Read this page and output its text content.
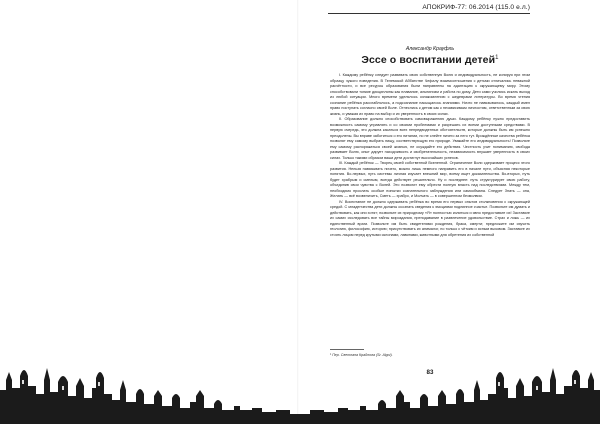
АПОКРИФ-77: 06.2014 (115.0 е.л.)
Александр Крауфль
Эссе о воспитании детей$^1$

I. Каждому ребёнку следует развивать свою собственную Волю и индивидуальность, не копируя при этом образцу чужого поведения. В Телемской Аббатстве Чефалу взаимоотношения с детьми отличались неважной расчётности, и все ресурсы образования были направлены на адаптацию к окружающему миру. Этому способствовали тонкие дисциплины как плавание, альпинизм и работа по дому. Дети сами учились искать выход из любой ситуации. Много времени уделялось ознакомлению с шедеврами литературы. Во время чтения сознание ребёнка расслаблялось, а подсознание насыщалось знаниями. Ничто не навязывалось, каждый имел право поступать согласно своей Воле. Отнеслись к детям как к независимым личностям, ответственным за свою жизнь, и уважая их право на выбор и их уверенность в своих силах.

II. Образование должно способствовать самовыражению души. Каждому ребёнку нужно предоставить возможность самому управлять и со своими проблемами и разрешать их всеми доступными средствами. В первую очередь, это должна касаться всех непредвиденных обстоятельств, которые должны быть им успешно преодолены. Вы вправе заботиться о его питании, но не слейте ничего за него тут. Врождённые качества ребёнка позволят ему самому выбрать пищу, соответствующую его природе. Уважайте его индивидуальность! Позвольте ему самому распоряжаться своей жизнью, не осуждайте его действия. Честность учит пониманию, свобода развивает Волю, опыт дарует находчивость и изобретательность, независимость внушает уверенность в своих силах. Только такими образом ваши дети достигнут высочайших успехов.

III. Каждый ребёнок — Творец своей собственной Вселенной. Ограничение Воли сдерживает процесс этого развития. Нельзя навязывать ничего, можно лишь немного направить его в начале пути, объясняя некоторые понятия. Во-первых, путь системы личная изучает внешний мир, всему ищет доказательства. Во-вторых, путь будет храбрым и смелым, всегда действует решительно. Ну и последнее: путь структурирует свою работу, объединив свои чувства с Волей. Это позволит ему обрести полную власть над последствиями. Между тем, необходимо прослать особые попытки сознательного заблуждения или самообмана. Следует Знать — она, Желать — всё возвеличить, Сметь — храбро, и Молчать — в совершенном безмолвии.

IV. Воспитание не должно сдерживать ребёнка во время его первых опытов столкновения с окружающей средой. С младенчества дети должны осознать сведения к эмоциями подлинное счастье. Позвольте им думать и действовать, как они хотят; позвольте их природному «Я» полностью излиться и явно предоставьте их! Заставьте их самих исследовать все тайны мироздания, преподавание в развлечение удовольствие. Страх и ложь — их единственный враги. Позвольте им быть свидетелями рождения, брака, смерти; предложите им изучить геологию, философию, историю; присутствовать их анималог, но только с чётким и ясным вызовом. Заставьте их стоять лицом перед крутыми склонами, лавинами, животными для обретения их собственной

¹ Пер. Светлана Крайнова (Sr. Algol).
83
